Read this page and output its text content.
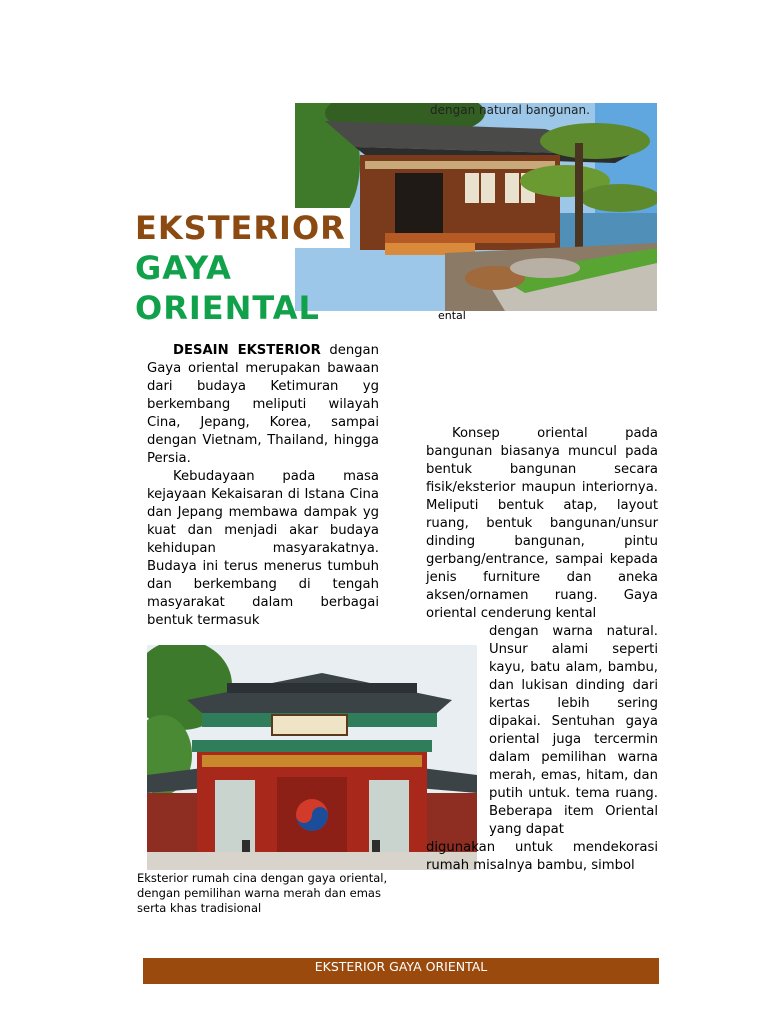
dengan natural bangunan.
ental
EKSTERIOR
GAYA
ORIENTAL

DESAIN EKSTERIOR dengan Gaya oriental merupakan bawaan dari budaya Ketimuran yg berkembang meliputi wilayah Cina, Jepang, Korea, sampai dengan Vietnam, Thailand, hingga Persia.

Kebudayaan pada masa kejayaan Kekaisaran di Istana Cina dan Jepang membawa dampak yg kuat dan menjadi akar budaya kehidupan masyarakatnya. Budaya ini terus menerus tumbuh dan berkembang di tengah masyarakat dalam berbagai bentuk termasuk

Eksterior rumah cina dengan gaya oriental, dengan pemilihan warna merah dan emas serta khas tradisional

Konsep oriental pada bangunan biasanya muncul pada bentuk bangunan secara fisik/eksterior maupun interiornya. Meliputi bentuk atap, layout ruang, bentuk bangunan/unsur dinding bangunan, pintu gerbang/entrance, sampai kepada jenis furniture dan aneka aksen/ornamen ruang. Gaya oriental cenderung kental

dengan warna natural. Unsur alami seperti kayu, batu alam, bambu, dan lukisan dinding dari kertas lebih sering dipakai. Sentuhan gaya oriental juga tercermin dalam pemilihan warna merah, emas, hitam, dan putih untuk. tema ruang. Beberapa item Oriental yang dapat

digunakan untuk mendekorasi rumah misalnya bambu, simbol

EKSTERIOR GAYA ORIENTAL
